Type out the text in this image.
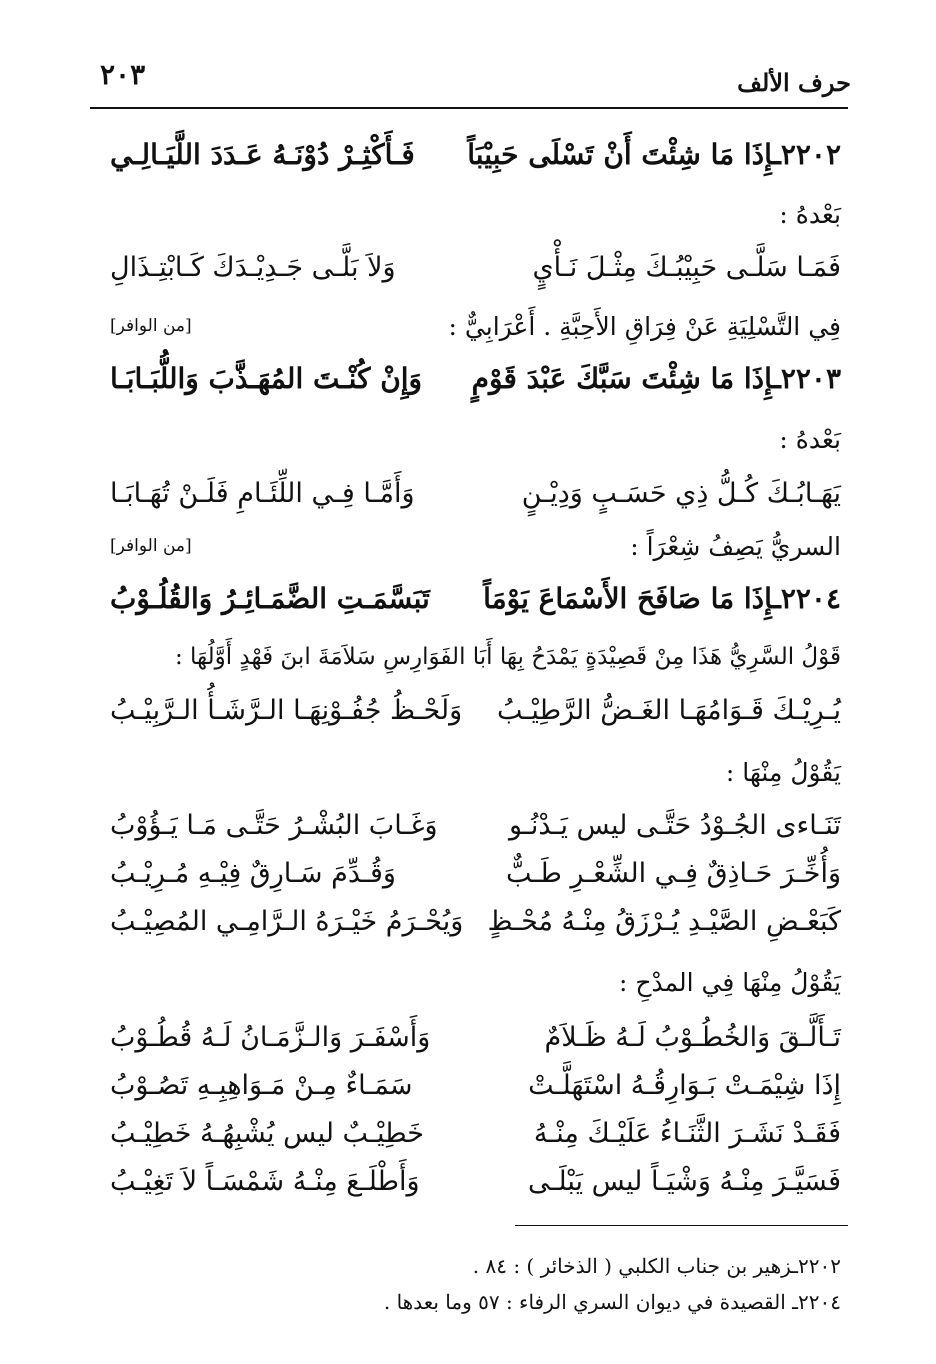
حرف الألف
٢٠٣
٢٢٠٢ـإِذَا مَا شِئْتَ أَنْ تَسْلَى حَبِيْبَاً
فَـأَكْثِـرْ دُوْنَـهُ عَـدَدَ اللَّيَـالِـي
بَعْدهُ :
فَمَـا سَلَّـى حَبِيْبُـكَ مِثْـلَ نَـأْيٍ
وَلاَ بَلَّـى جَـدِيْـدَكَ كَـابْتِـذَالِ
فِي التَّسْلِيَةِ عَنْ فِرَاقِ الأَحِبَّةِ . أَعْرَابِيٌّ :
[من الوافر]
٢٢٠٣ـإِذَا مَا شِئْتَ سَبَّكَ عَبْدَ قَوْمٍ
وَإِنْ كُنْـتَ المُهَـذَّبَ وَاللُّبَـابَـا
بَعْدهُ :
يَهَـابُـكَ كُـلُّ ذِي حَسَـبٍ وَدِيْـنٍ
وَأَمَّـا فِـي اللِّئَـامِ فَلَـنْ تُهَـابَـا
السريُّ يَصِفُ شِعْرَاً :
[من الوافر]
٢٢٠٤ـإِذَا مَا صَافَحَ الأَسْمَاعَ يَوْمَاً
تَبَسَّمَـتِ الضَّمَـائِـرُ وَالقُلُـوْبُ
قَوْلُ السَّرِيُّ هَذَا مِنْ قَصِيْدَةٍ يَمْدَحُ بِهَا أَبَا الفَوَارِسِ سَلاَمَةَ ابنَ فَهْدٍ أَوَّلُهَا :
يُـرِيْـكَ قَـوَامُهَـا الغَـضُّ الرَّطِيْـبُ
وَلَحْـظُ جُفُـوْنِهَـا الـرَّشَـأُ الـرَّبِيْـبُ
يَقُوْلُ مِنْهَا :
تَنَـاءى الجُـوْدُ حَتَّـى ليس يَـدْنُـو
وَغَـابَ البُشْـرُ حَتَّـى مَـا يَـؤُوْبُ
وَأُخِّـرَ حَـاذِقٌ فِـي الشِّعْـرِ طَـبٌّ
وَقُـدِّمَ سَـارِقٌ فِيْـهِ مُـرِيْـبُ
كَبَعْـضِ الصَّيْـدِ يُـرْزَقُ مِنْـهُ مُحْـظٍ
وَيُحْـرَمُ خَيْـرَهُ الـرَّامِـي المُصِيْـبُ
يَقُوْلُ مِنْهَا فِي المدْحِ :
تَـأَلَّـقَ وَالخُطُـوْبُ لَـهُ ظَـلاَمٌ
وَأَسْفَـرَ وَالـزَّمَـانُ لَـهُ قُطُـوْبُ
إِذَا شِيْمَـتْ بَـوَارِقُـهُ اسْتَهَلَّـتْ
سَمَـاءٌ مِـنْ مَـوَاهِبِـهِ تَصُـوْبُ
فَقَـدْ نَشَـرَ الثَّنَـاءُ عَلَيْـكَ مِنْـهُ
خَطِيْـبٌ ليس يُشْبِهُـهُ خَطِيْـبُ
فَسَيَّـرَ مِنْـهُ وَشْيَـاً ليس يَبْلَـى
وَأَطْلَـعَ مِنْـهُ شَمْسَـاً لاَ تَغِيْـبُ
٢٢٠٢ـزهير بن جناب الكلبي ( الذخائر ) : ٨٤ .
٢٢٠٤ـ القصيدة في ديوان السري الرفاء : ٥٧ وما بعدها .
